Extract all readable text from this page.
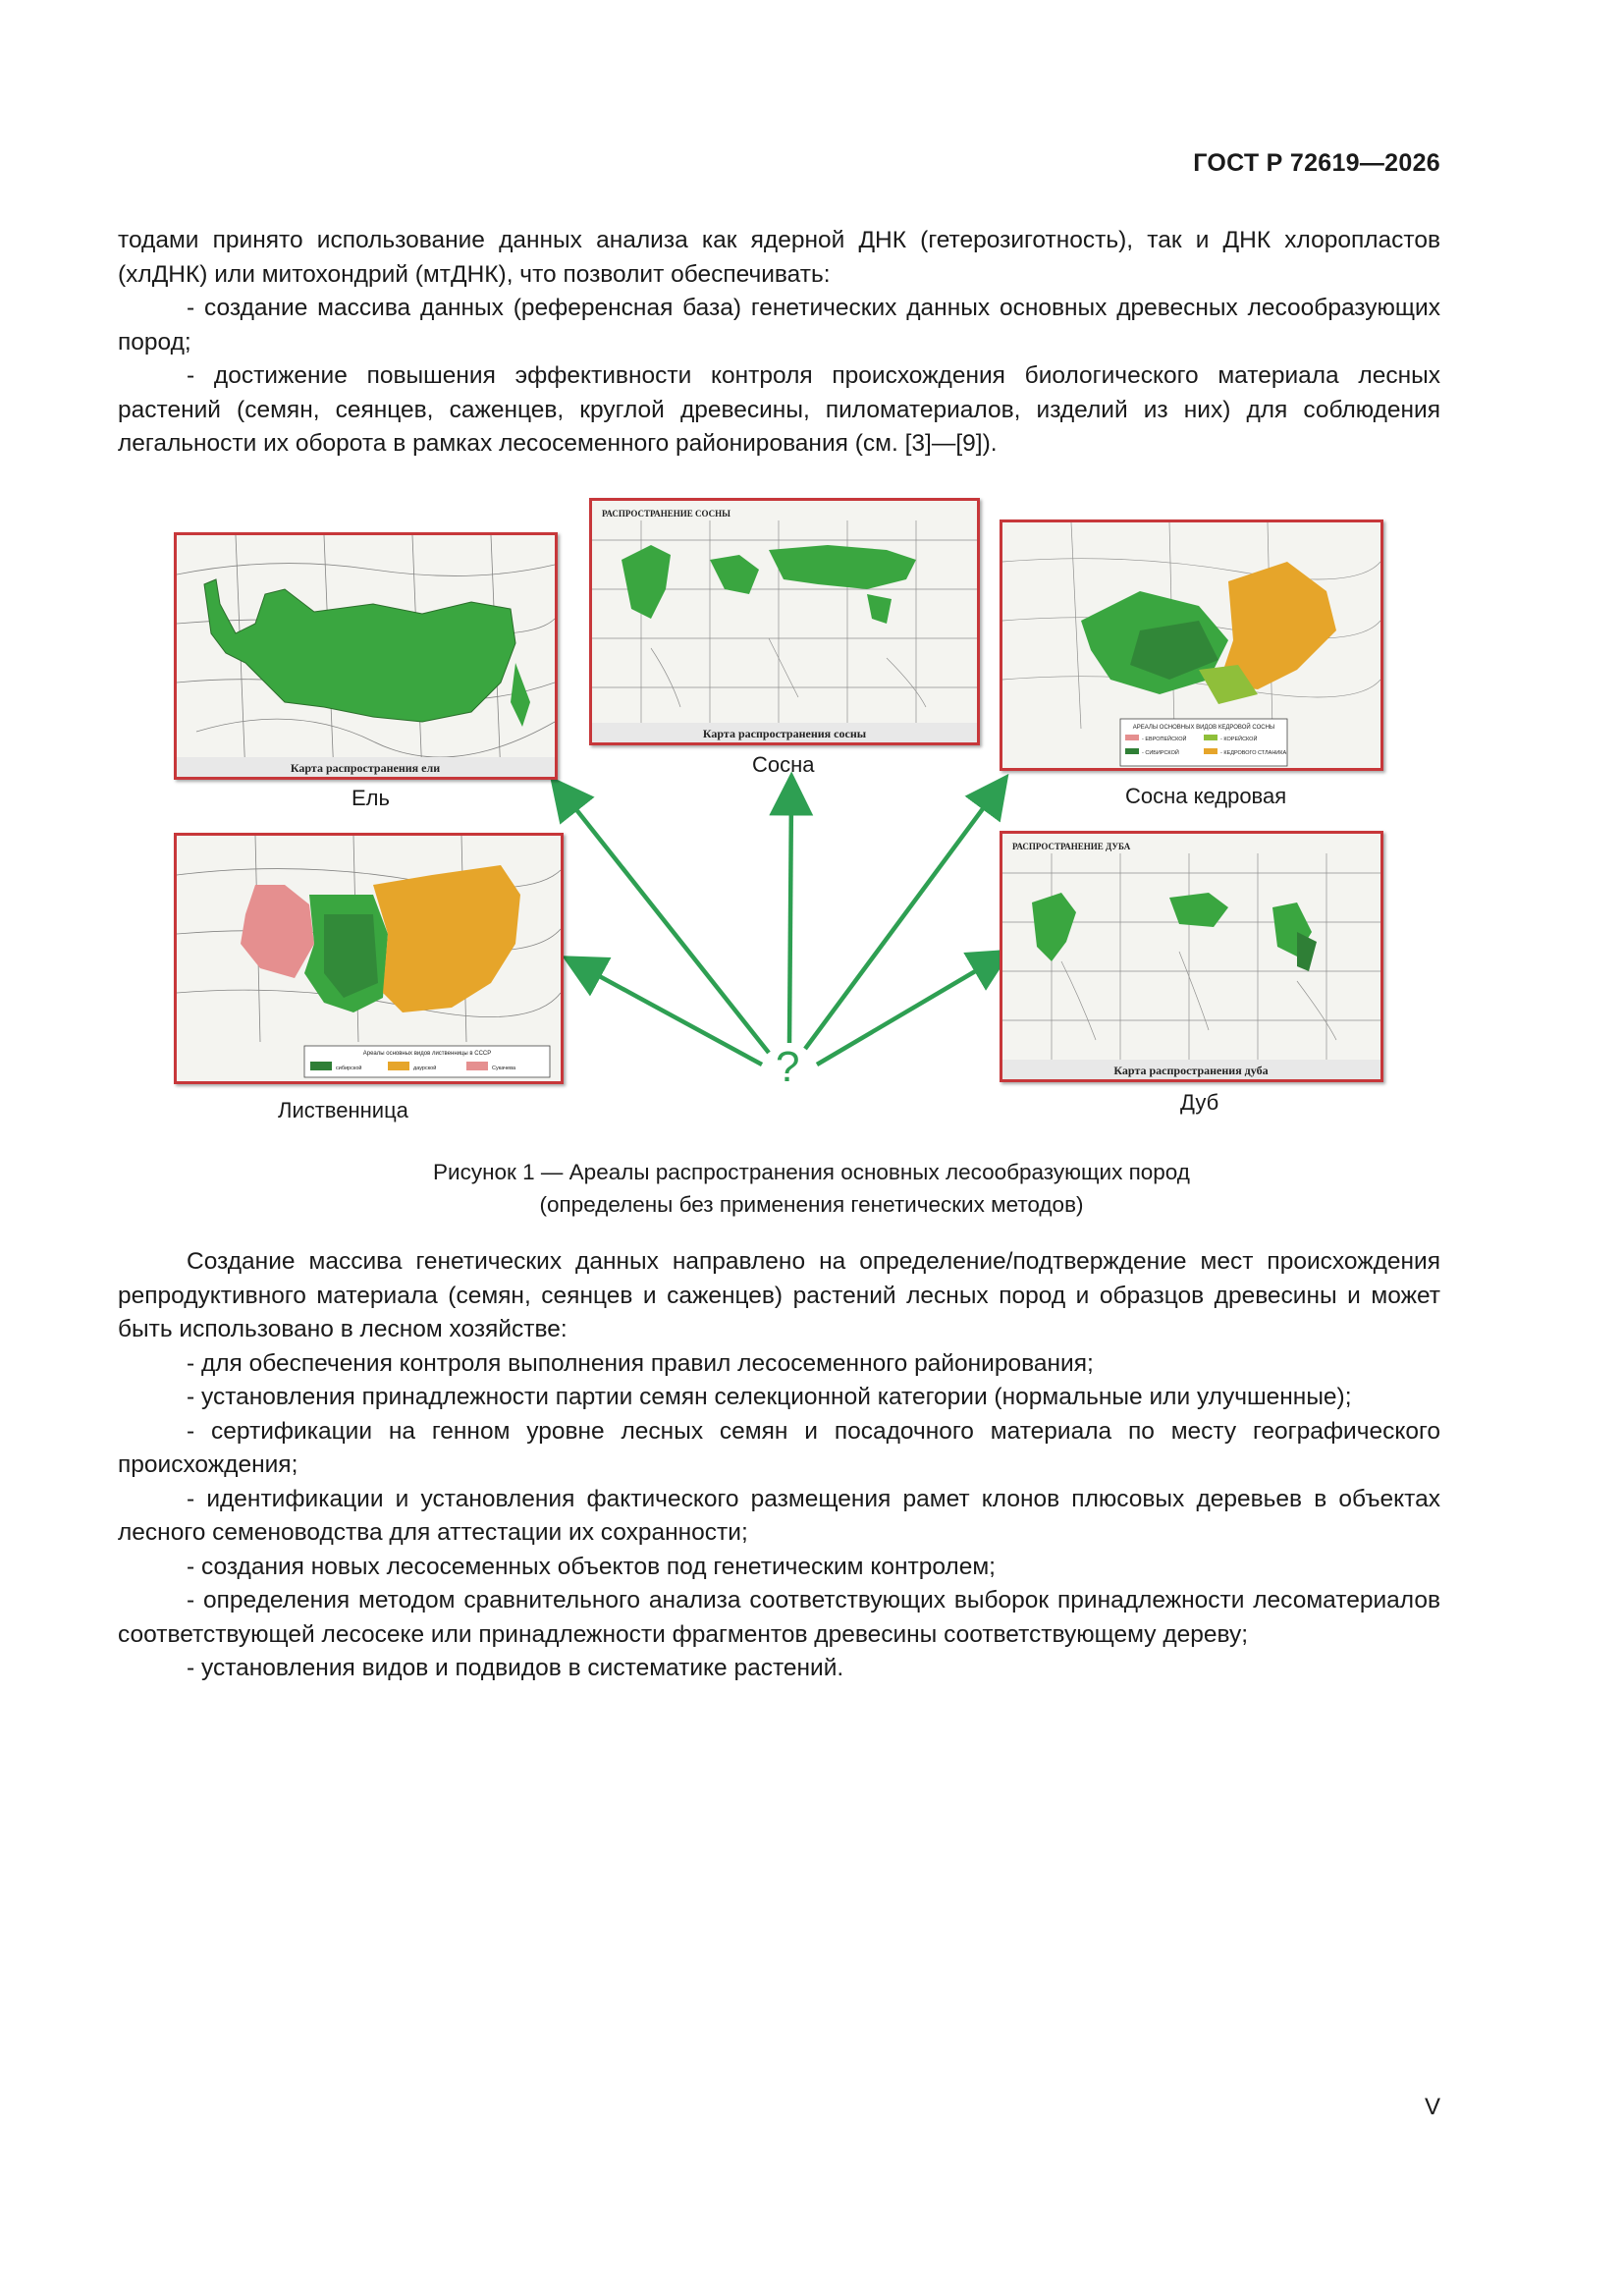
ГОСТ Р 72619—2026

тодами принято использование данных анализа как ядерной ДНК (гетерозиготность), так и ДНК хлоропластов (хлДНК) или митохондрий (мтДНК), что позволит обеспечивать:

- создание массива данных (референсная база) генетических данных основных древесных лесообразующих пород;

- достижение повышения эффективности контроля происхождения биологического материала лесных растений (семян, сеянцев, саженцев, круглой древесины, пиломатериалов, изделий из них) для соблюдения легальности их оборота в рамках лесосеменного районирования (см. [3]—[9]).

Карта распространения ели
Ель
РАСПРОСТРАНЕНИЕ СОСНЫ
Карта распространения сосны
Сосна
АРЕАЛЫ ОСНОВНЫХ ВИДОВ КЕДРОВОЙ СОСНЫ
- ЕВРОПЕЙСКОЙ
- СИБИРСКОЙ
- КОРЕЙСКОЙ
- КЕДРОВОГО СТЛАНИКА
Сосна кедровая
Ареалы основных видов лиственницы в СССР
сибирской	даурской	Сукачева
Лиственница
РАСПРОСТРАНЕНИЕ ДУБА
Карта распространения дуба
Дуб
?
Рисунок 1 — Ареалы распространения основных лесообразующих пород
(определены без применения генетических методов)

Создание массива генетических данных направлено на определение/подтверждение мест происхождения репродуктивного материала (семян, сеянцев и саженцев) растений лесных пород и образцов древесины и может быть использовано в лесном хозяйстве:

- для обеспечения контроля выполнения правил лесосеменного районирования;

- установления принадлежности партии семян селекционной категории (нормальные или улучшенные);

- сертификации на генном уровне лесных семян и посадочного материала по месту географического происхождения;

- идентификации и установления фактического размещения рамет клонов плюсовых деревьев в объектах лесного семеноводства для аттестации их сохранности;

- создания новых лесосеменных объектов под генетическим контролем;

- определения методом сравнительного анализа соответствующих выборок принадлежности лесоматериалов соответствующей лесосеке или принадлежности фрагментов древесины соответствующему дереву;

- установления видов и подвидов в систематике растений.

V
